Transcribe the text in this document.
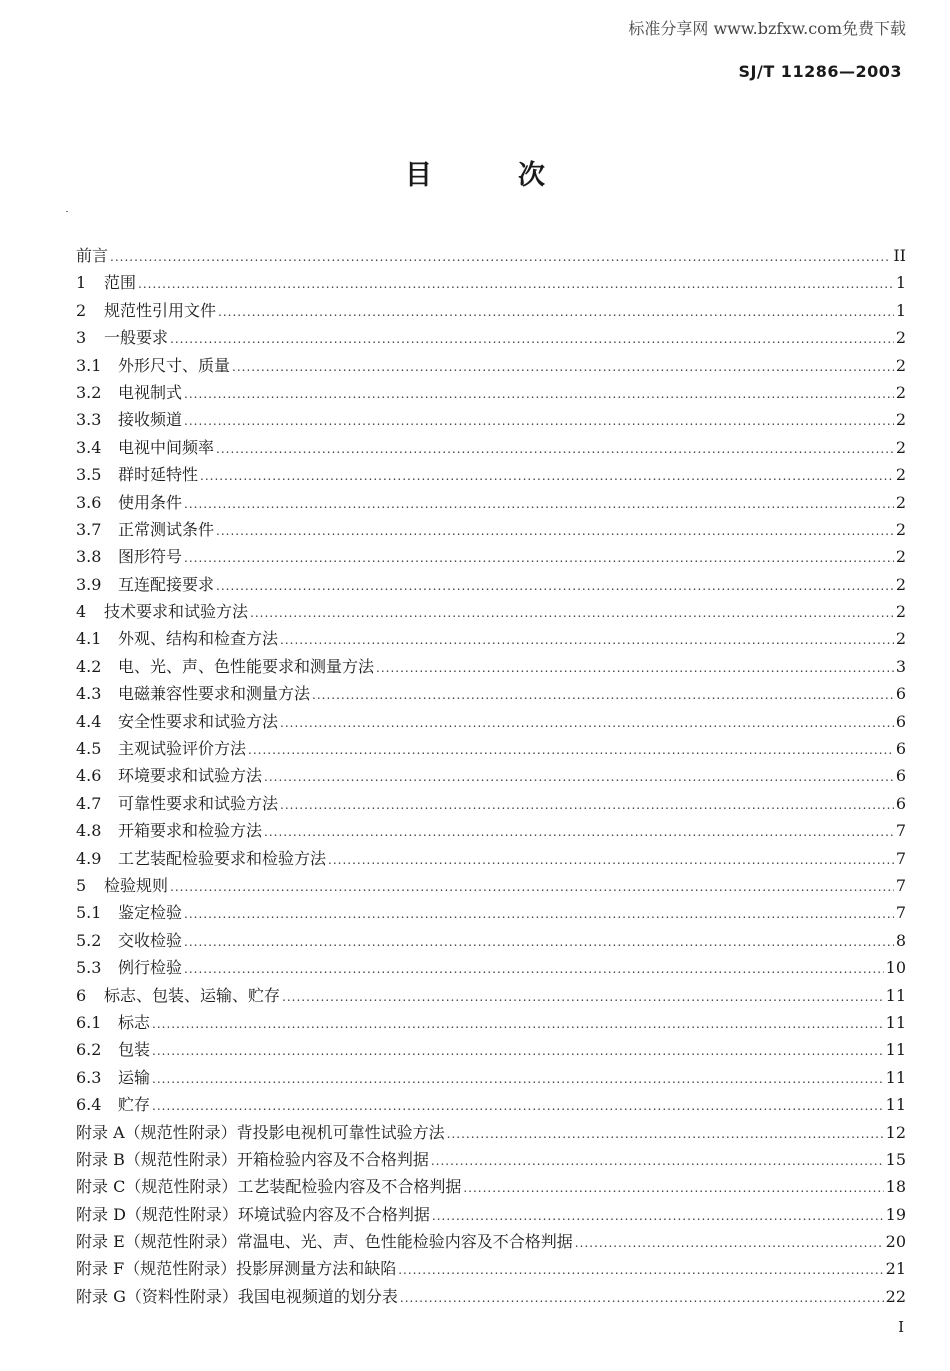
标准分享网 www.bzfxw.com免费下载
SJ/T 11286—2003
目	次
前言 .....	II
1	范围 .....	1
2	规范性引用文件 .....	1
3	一般要求 .....	2
3.1	外形尺寸、质量 .....	2
3.2	电视制式 .....	2
3.3	接收频道 .....	2
3.4	电视中间频率 .....	2
3.5	群时延特性 .....	2
3.6	使用条件 .....	2
3.7	正常测试条件 .....	2
3.8	图形符号 .....	2
3.9	互连配接要求 .....	2
4	技术要求和试验方法 .....	2
4.1	外观、结构和检查方法 .....	2
4.2	电、光、声、色性能要求和测量方法 .....	3
4.3	电磁兼容性要求和测量方法 .....	6
4.4	安全性要求和试验方法 .....	6
4.5	主观试验评价方法 .....	6
4.6	环境要求和试验方法 .....	6
4.7	可靠性要求和试验方法 .....	6
4.8	开箱要求和检验方法 .....	7
4.9	工艺装配检验要求和检验方法 .....	7
5	检验规则 .....	7
5.1	鉴定检验 .....	7
5.2	交收检验 .....	8
5.3	例行检验 .....	10
6	标志、包装、运输、贮存 .....	11
6.1	标志 .....	11
6.2	包装 .....	11
6.3	运输 .....	11
6.4	贮存 .....	11
附录 A（规范性附录）背投影电视机可靠性试验方法 .....	12
附录 B（规范性附录）开箱检验内容及不合格判据 .....	15
附录 C（规范性附录）工艺装配检验内容及不合格判据 .....	18
附录 D（规范性附录）环境试验内容及不合格判据 .....	19
附录 E（规范性附录）常温电、光、声、色性能检验内容及不合格判据 .....	20
附录 F（规范性附录）投影屏测量方法和缺陷 .....	21
附录 G（资料性附录）我国电视频道的划分表 .....	22
I
